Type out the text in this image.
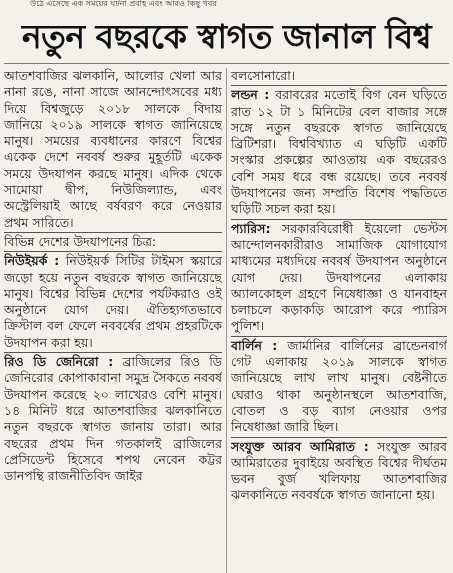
উঠে এসেছে এক সময়ের ঘটনা প্রবাহ এবং আরও কিছু খবর
নতুন বছরকে স্বাগত জানাল বিশ্ব

আতশবাজির ঝলকানি, আলোর খেলা আর নানা রঙে, নানা সাজে আনন্দোৎসবের মধ্য দিয়ে বিশ্বজুড়ে ২০১৮ সালকে বিদায় জানিয়ে ২০১৯ সালকে স্বাগত জানিয়েছে মানুষ। সময়ের ব্যবধানের কারণে বিশ্বের একেক দেশে নববর্ষ শুরুর মুহূর্তটি একেক সময়ে উদযাপন করছে মানুষ। এদিক থেকে সামোয়া দ্বীপ, নিউজিল্যান্ড, এবং অস্ট্রেলিয়াই আছে বর্ষবরণ করে নেওয়ার প্রথম সারিতে।

বিভিন্ন দেশের উদযাপনের চিত্র:

নিউইয়র্ক : নিউইয়র্ক সিটির টাইমস স্কয়ারে জড়ো হয়ে নতুন বছরকে স্বাগত জানিয়েছে মানুষ। বিশ্বের বিভিন্ন দেশের পর্যটকরাও ওই অনুষ্ঠানে যোগ দেয়। ঐতিহ্যগতভাবে ক্রিস্টাল বল ফেলে নববর্ষের প্রথম প্রহরটিকে উদযাপন করা হয়।

রিও ডি জেনিরো : ব্রাজিলের রিও ডি জেনিরোর কোপাকাবানা সমুদ্র সৈকতে নববর্ষ উদযাপন করেছে ২০ লাখেরও বেশি মানুষ। ১৪ মিনিট ধরে আতশবাজির ঝলকানিতে নতুন বছরকে স্বাগত জানায় তারা। আর বছরের প্রথম দিন গতকালই ব্রাজিলের প্রেসিডেন্ট হিসেবে শপথ নেবেন কট্টর ডানপন্থি রাজনীতিবিদ জাইর

বলসোনারো।

লন্ডন : বরাবরের মতোই বিগ বেন ঘড়িতে রাত ১২ টা ১ মিনিটের বেল বাজার সঙ্গে সঙ্গে নতুন বছরকে স্বাগত জানিয়েছে ব্রিটিশরা। বিশ্ববিখ্যাত এ ঘড়িটি একটি সংস্কার প্রকল্পের আওতায় এক বছরেরও বেশি সময় ধরে বন্ধ রয়েছে। তবে নববর্ষ উদযাপনের জন্য সম্প্রতি বিশেষ পদ্ধতিতে ঘড়িটি সচল করা হয়।

প্যারিস: সরকারবিরোধী ইয়েলো ভেস্টস আন্দোলনকারীরাও সামাজিক যোগাযোগ মাধ্যমের মধ্যদিয়ে নববর্ষ উদযাপন অনুষ্ঠানে যোগ দেয়। উদযাপনের এলাকায় অ্যালকোহল গ্রহণে নিষেধাজ্ঞা ও যানবাহন চলাচলে কড়াকড়ি আরোপ করে প্যারিস পুলিশ।

বার্লিন : জার্মানির বার্লিনের ব্রান্ডেনবার্গ গেট এলাকায় ২০১৯ সালকে স্বাগত জানিয়েছে লাখ লাখ মানুষ। বেষ্টনীতে ঘেরাও থাকা অনুষ্ঠানস্থলে আতশবাজি, বোতল ও বড় ব্যাগ নেওয়ার ওপর নিষেধাজ্ঞা জারি ছিল।

সংযুক্ত আরব আমিরাত : সংযুক্ত আরব আমিরাতের দুবাইয়ে অবস্থিত বিশ্বের দীর্ঘতম ভবন বুর্জ খলিফায় আতশবাজির ঝলকানিতে নববর্ষকে স্বাগত জানানো হয়।
